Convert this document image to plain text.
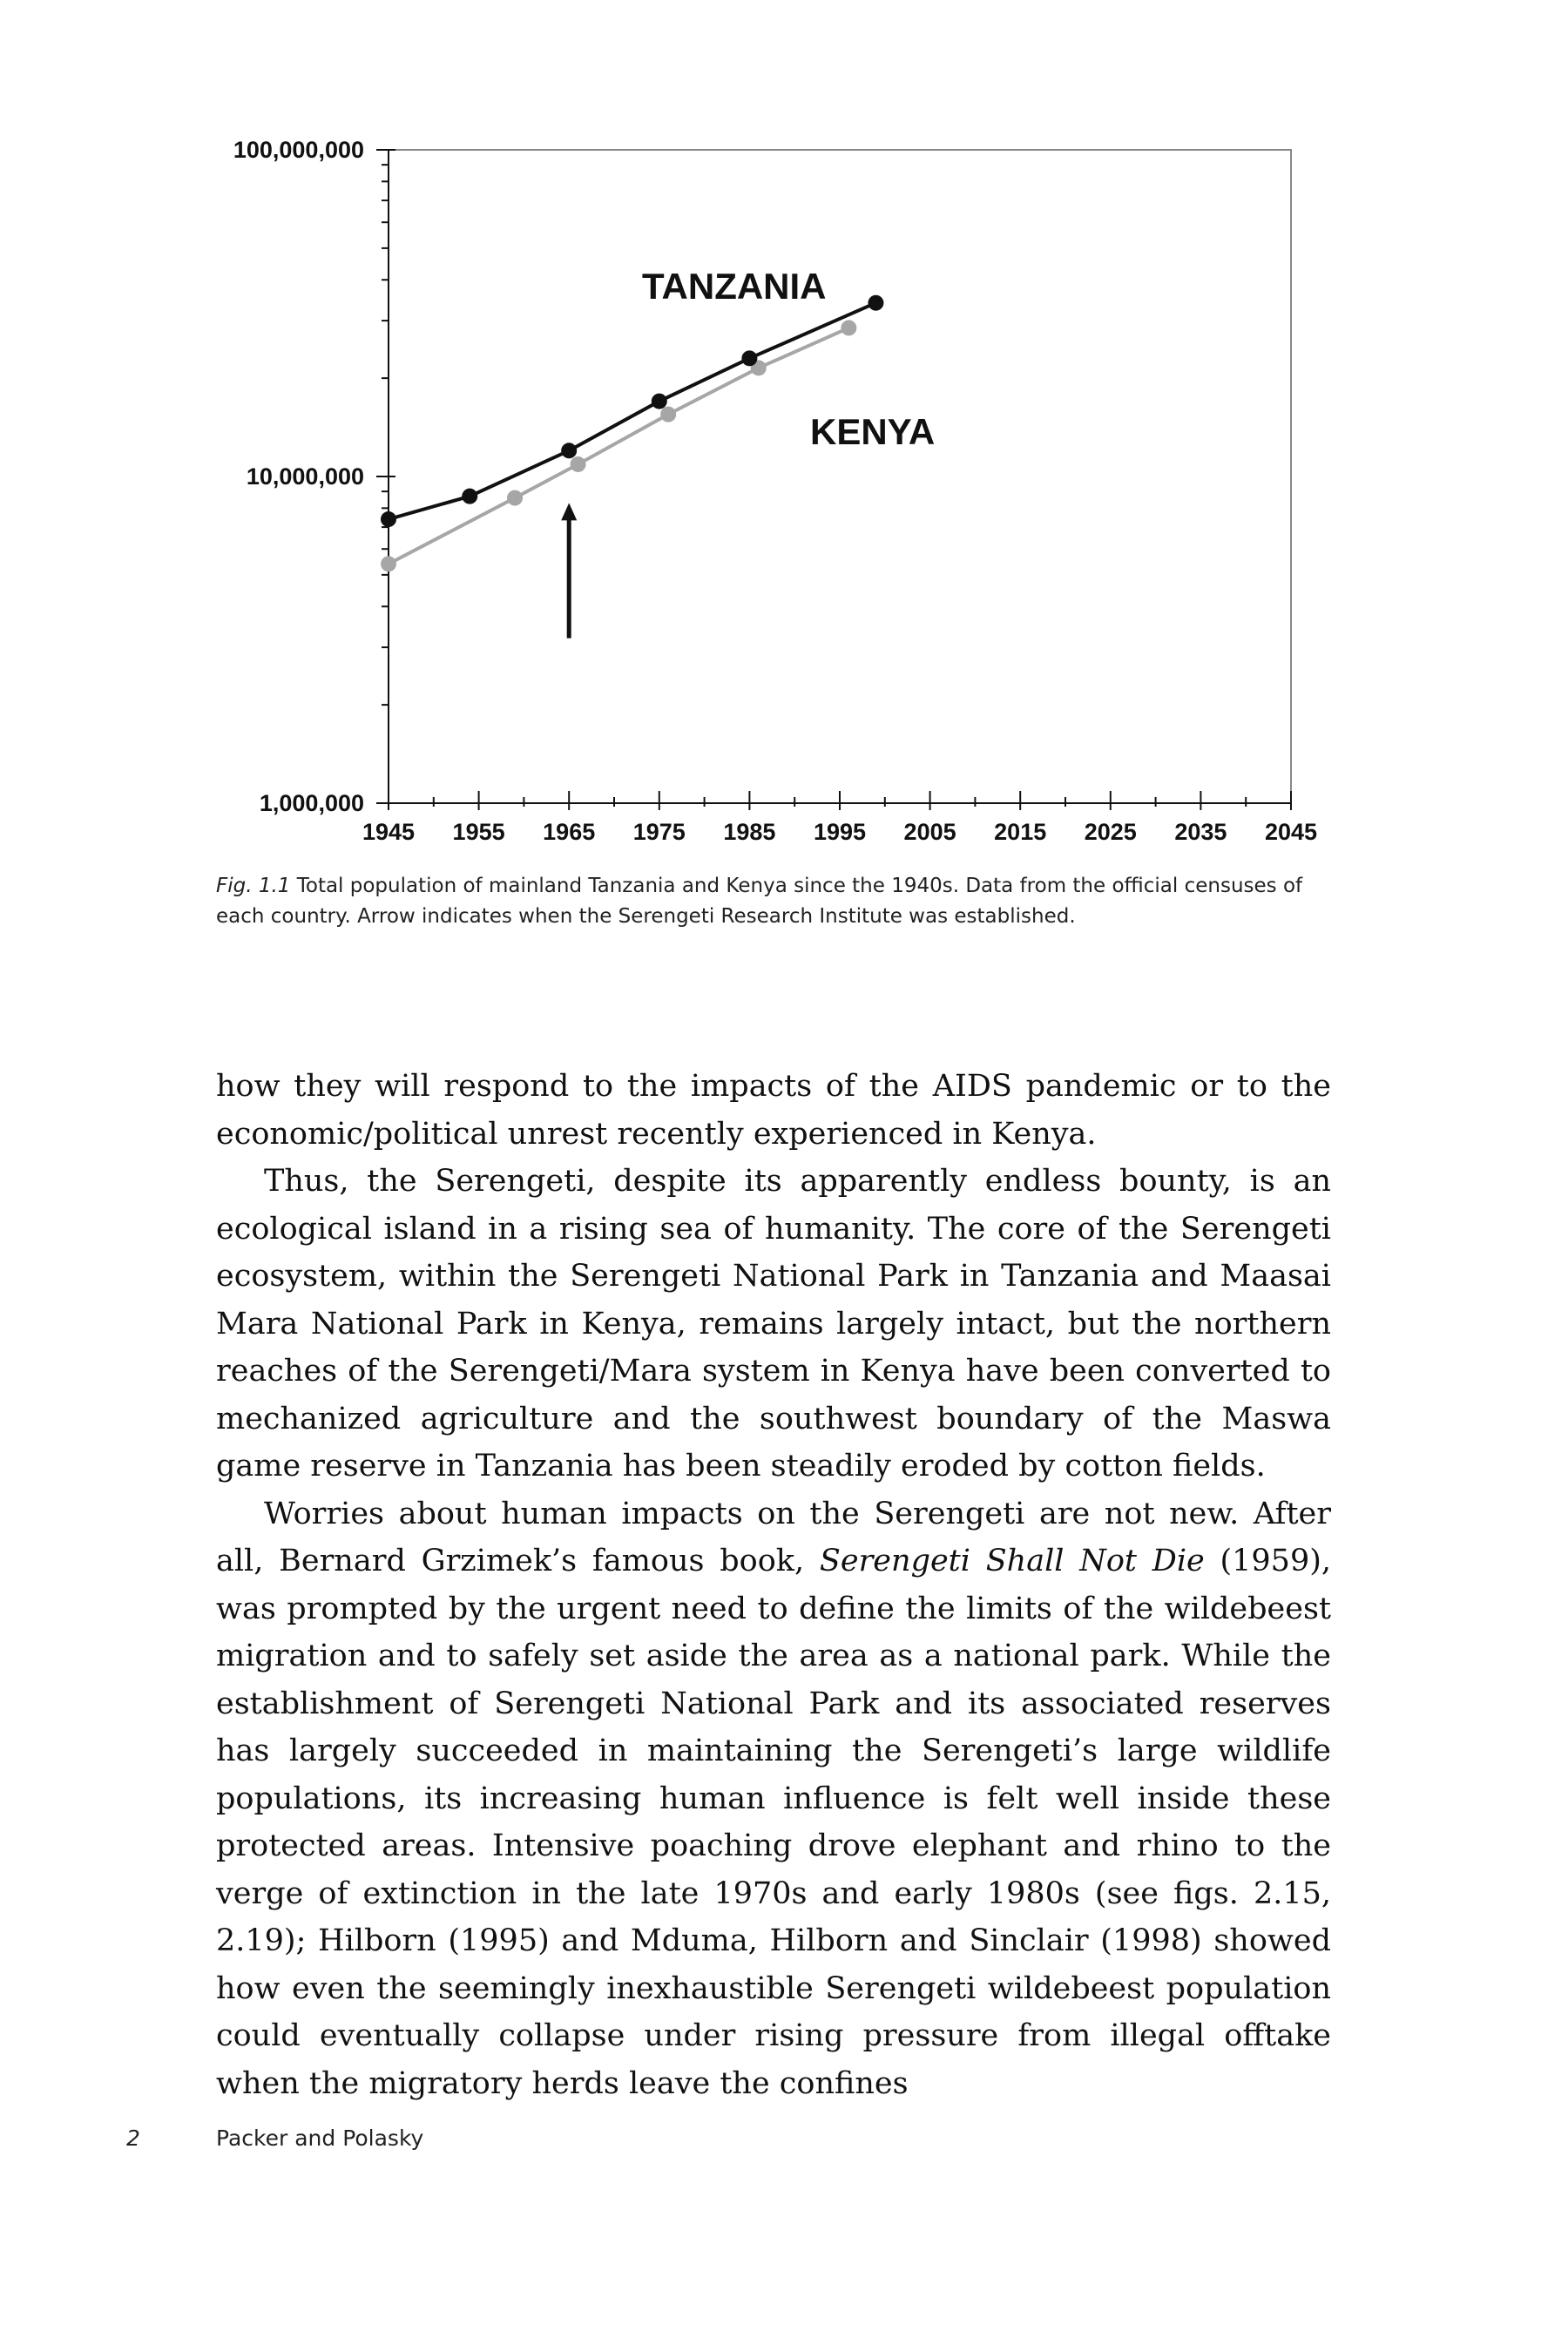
100,000,000
10,000,000
1,000,000
1945 1955 1965 1975 1985 1995 2005 2015 2025 2035 2045
TANZANIA
KENYA
Fig. 1.1 Total population of mainland Tanzania and Kenya since the 1940s. Data from the official censuses of each country. Arrow indicates when the Serengeti Research Institute was established.

how they will respond to the impacts of the AIDS pandemic or to the economic/political unrest recently experienced in Kenya.

Thus, the Serengeti, despite its apparently endless bounty, is an ecological island in a rising sea of humanity. The core of the Serengeti ecosystem, within the Serengeti National Park in Tanzania and Maasai Mara National Park in Kenya, remains largely intact, but the northern reaches of the Serengeti/Mara system in Kenya have been converted to mechanized agriculture and the southwest boundary of the Maswa game reserve in Tanzania has been steadily eroded by cotton fields.

Worries about human impacts on the Serengeti are not new. After all, Bernard Grzimek’s famous book, Serengeti Shall Not Die (1959), was prompted by the urgent need to define the limits of the wildebeest migration and to safely set aside the area as a national park. While the establishment of Serengeti National Park and its associated reserves has largely succeeded in maintaining the Serengeti’s large wildlife populations, its increasing human influence is felt well inside these protected areas. Intensive poaching drove elephant and rhino to the verge of extinction in the late 1970s and early 1980s (see figs. 2.15, 2.19); Hilborn (1995) and Mduma, Hilborn and Sinclair (1998) showed how even the seemingly inexhaustible Serengeti wildebeest population could eventually collapse under rising pressure from illegal offtake when the migratory herds leave the confines

2	Packer and Polasky
